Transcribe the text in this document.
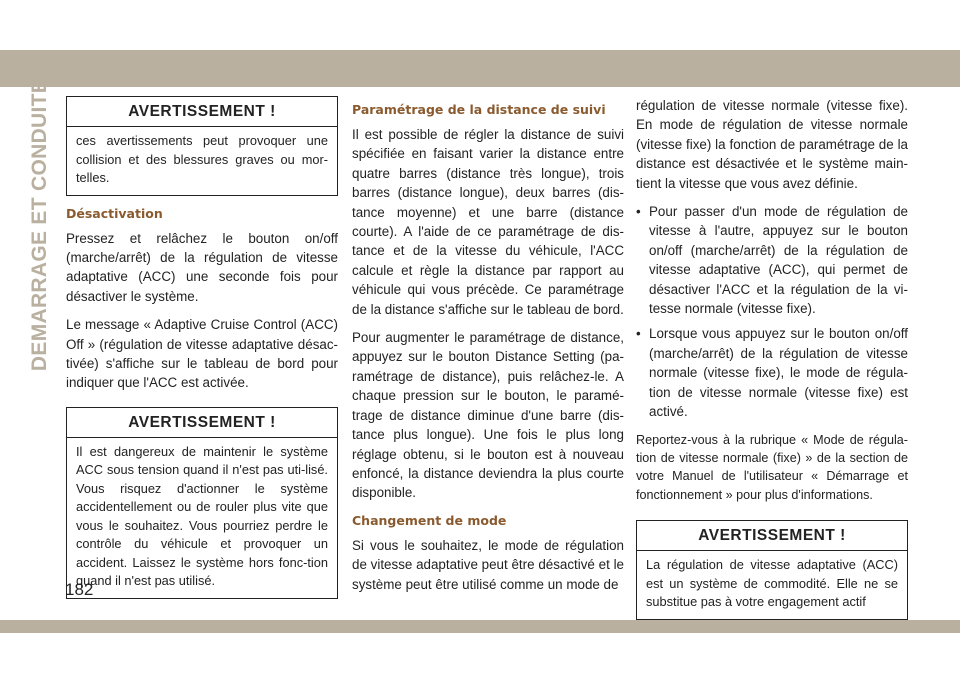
DEMARRAGE ET CONDUITE
182
AVERTISSEMENT !
ces avertissements peut provoquer une collision et des blessures graves ou mor-telles.
Désactivation

Pressez et relâchez le bouton on/off (marche/arrêt) de la régulation de vitesse adaptative (ACC) une seconde fois pour désactiver le système.

Le message « Adaptive Cruise Control (ACC) Off » (régulation de vitesse adaptative désac-tivée) s'affiche sur le tableau de bord pour indiquer que l'ACC est activée.

AVERTISSEMENT !
Il est dangereux de maintenir le système ACC sous tension quand il n'est pas uti-lisé. Vous risquez d'actionner le système accidentellement ou de rouler plus vite que vous le souhaitez. Vous pourriez perdre le contrôle du véhicule et provoquer un accident. Laissez le système hors fonc-tion quand il n'est pas utilisé.
Paramétrage de la distance de suivi

Il est possible de régler la distance de suivi spécifiée en faisant varier la distance entre quatre barres (distance très longue), trois barres (distance longue), deux barres (dis-tance moyenne) et une barre (distance courte). A l'aide de ce paramétrage de dis-tance et de la vitesse du véhicule, l'ACC calcule et règle la distance par rapport au véhicule qui vous précède. Ce paramétrage de la distance s'affiche sur le tableau de bord.

Pour augmenter le paramétrage de distance, appuyez sur le bouton Distance Setting (pa-ramétrage de distance), puis relâchez-le. A chaque pression sur le bouton, le paramé-trage de distance diminue d'une barre (dis-tance plus longue). Une fois le plus long réglage obtenu, si le bouton est à nouveau enfoncé, la distance deviendra la plus courte disponible.

Changement de mode

Si vous le souhaitez, le mode de régulation de vitesse adaptative peut être désactivé et le système peut être utilisé comme un mode de

régulation de vitesse normale (vitesse fixe). En mode de régulation de vitesse normale (vitesse fixe) la fonction de paramétrage de la distance est désactivée et le système main-tient la vitesse que vous avez définie.

• Pour passer d'un mode de régulation de vitesse à l'autre, appuyez sur le bouton on/off (marche/arrêt) de la régulation de vitesse adaptative (ACC), qui permet de désactiver l'ACC et la régulation de la vi-tesse normale (vitesse fixe).
• Lorsque vous appuyez sur le bouton on/off (marche/arrêt) de la régulation de vitesse normale (vitesse fixe), le mode de régula-tion de vitesse normale (vitesse fixe) est activé.

Reportez-vous à la rubrique « Mode de régula-tion de vitesse normale (fixe) » de la section de votre Manuel de l'utilisateur « Démarrage et fonctionnement » pour plus d'informations.

AVERTISSEMENT !
La régulation de vitesse adaptative (ACC) est un système de commodité. Elle ne se substitue pas à votre engagement actif
